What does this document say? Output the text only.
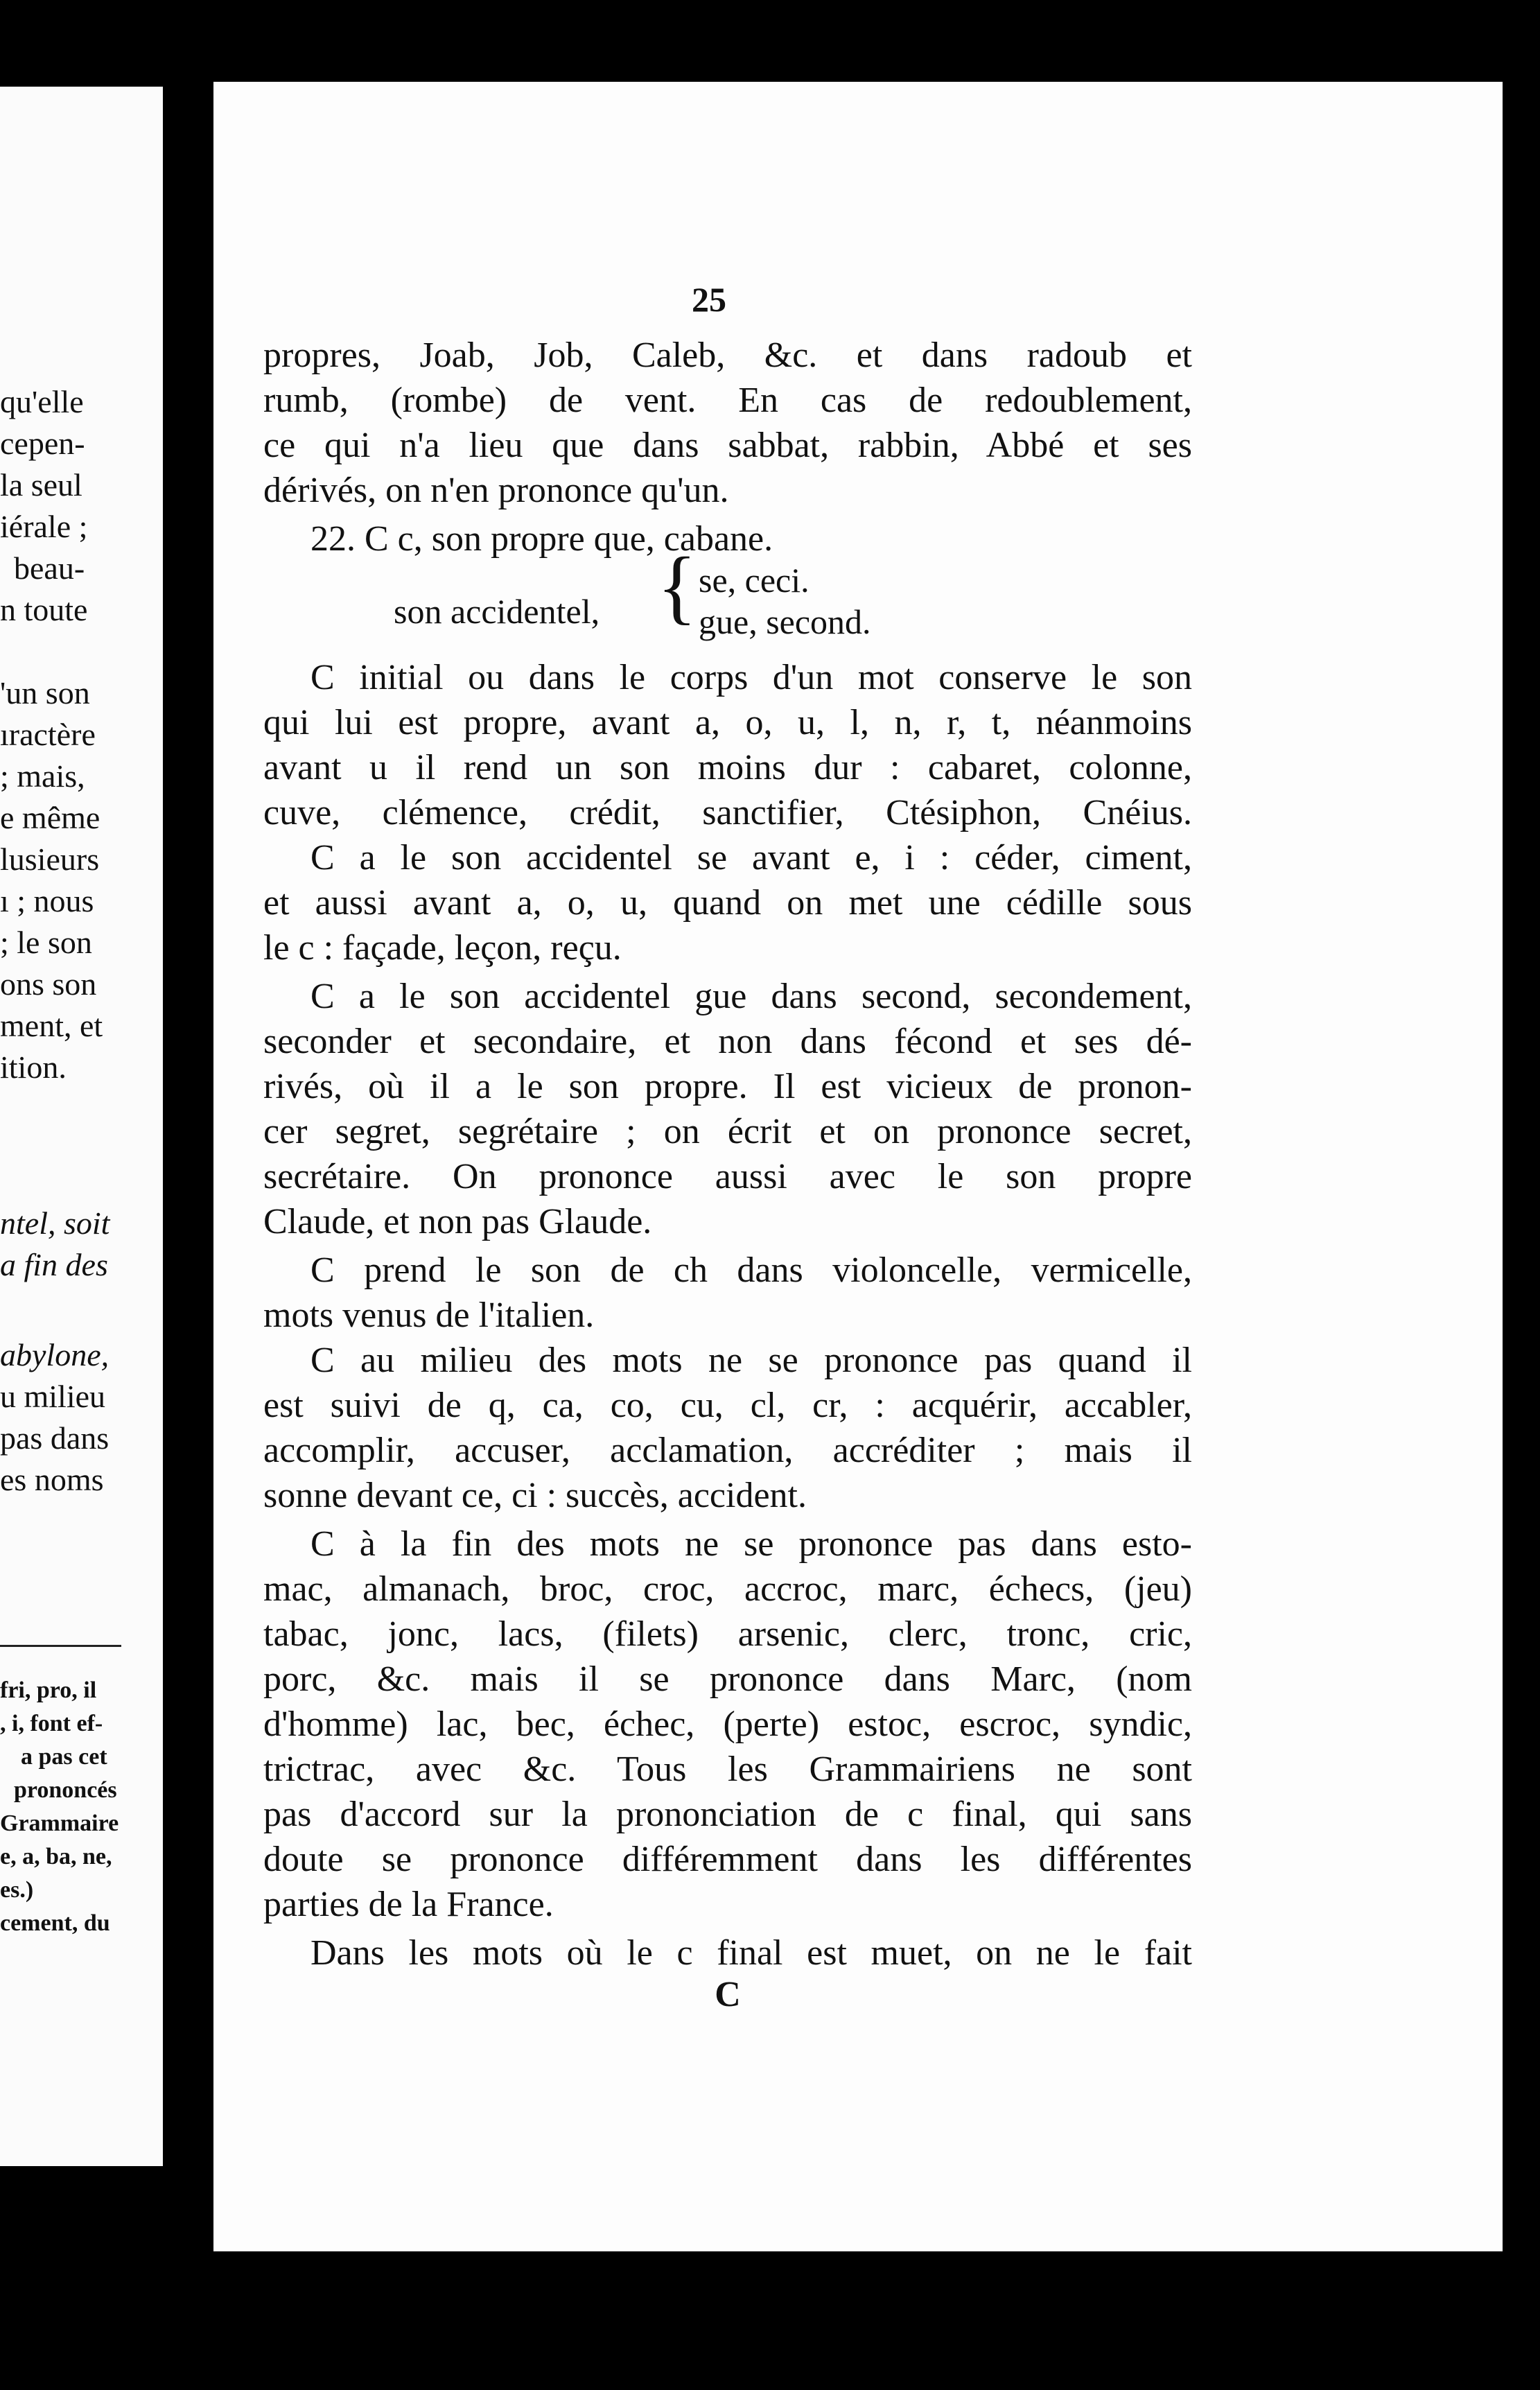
qu'elle

cepen-

la seul

iérale ;

beau-

n toute

'un son

ıractère

; mais,

e même

lusieurs

ı ; nous

; le son

ons son

ment, et

ition.

ntel, soit

a fin des

abylone,

u milieu

pas dans

es noms

fri, pro, il

, i, font ef-

a pas cet

prononcés

Grammaire

e, a, ba, ne,

es.)

cement, du

25

propres, Joab, Job, Caleb, &c. et dans radoub et

rumb, (rombe) de vent. En cas de redoublement,

ce qui n'a lieu que dans sabbat, rabbin, Abbé et ses

dérivés, on n'en prononce qu'un.

22. C c, son propre que, cabane.

son accidentel, { se, ceci.

gue, second.

C initial ou dans le corps d'un mot conserve le son

qui lui est propre, avant a, o, u, l, n, r, t, néanmoins

avant u il rend un son moins dur : cabaret, colonne,

cuve, clémence, crédit, sanctifier, Ctésiphon, Cnéius.

C a le son accidentel se avant e, i : céder, ciment,

et aussi avant a, o, u, quand on met une cédille sous

le c : façade, leçon, reçu.

C a le son accidentel gue dans second, secondement,

seconder et secondaire, et non dans fécond et ses dé-

rivés, où il a le son propre. Il est vicieux de pronon-

cer segret, segrétaire ; on écrit et on prononce secret,

secrétaire. On prononce aussi avec le son propre

Claude, et non pas Glaude.

C prend le son de ch dans violoncelle, vermicelle,

mots venus de l'italien.

C au milieu des mots ne se prononce pas quand il

est suivi de q, ca, co, cu, cl, cr, : acquérir, accabler,

accomplir, accuser, acclamation, accréditer ; mais il

sonne devant ce, ci : succès, accident.

C à la fin des mots ne se prononce pas dans esto-

mac, almanach, broc, croc, accroc, marc, échecs, (jeu)

tabac, jonc, lacs, (filets) arsenic, clerc, tronc, cric,

porc, &c. mais il se prononce dans Marc, (nom

d'homme) lac, bec, échec, (perte) estoc, escroc, syndic,

trictrac, avec &c. Tous les Grammairiens ne sont

pas d'accord sur la prononciation de c final, qui sans

doute se prononce différemment dans les différentes

parties de la France.

Dans les mots où le c final est muet, on ne le fait

C
